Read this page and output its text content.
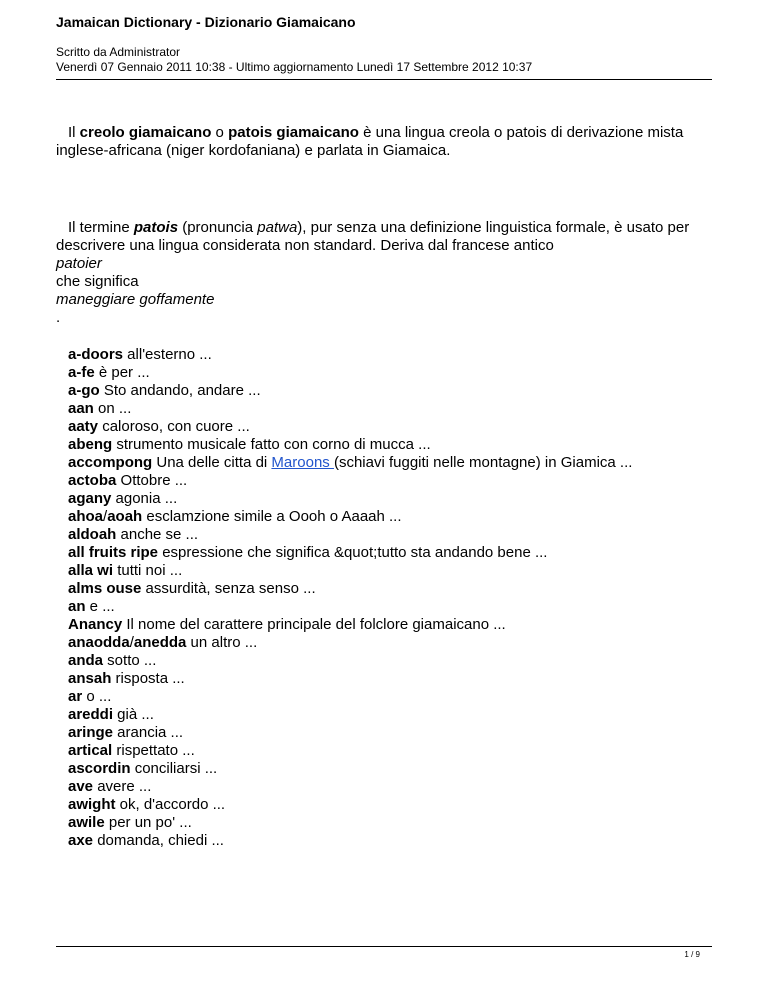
Jamaican Dictionary - Dizionario Giamaicano
Scritto da Administrator
Venerdì 07 Gennaio 2011 10:38 - Ultimo aggiornamento Lunedì 17 Settembre 2012 10:37
Il creolo giamaicano o patois giamaicano è una lingua creola o patois di derivazione mista inglese-africana (niger kordofaniana) e parlata in Giamaica.
Il termine patois (pronuncia patwa), pur senza una definizione linguistica formale, è usato per descrivere una lingua considerata non standard. Deriva dal francese antico
patoier
che significa
maneggiare goffamente
.
a-doors all'esterno ...
a-fe è per ...
a-go Sto andando, andare ...
aan on ...
aaty caloroso, con cuore ...
abeng strumento musicale fatto con corno di mucca ...
accompong Una delle citta di Maroons (schiavi fuggiti nelle montagne) in Giamica ...
actoba Ottobre ...
agany agonia ...
ahoa/aoah esclamzione simile a Oooh o Aaaah ...
aldoah anche se ...
all fruits ripe espressione che significa &quot;tutto sta andando bene ...
alla wi tutti noi ...
alms ouse assurdità, senza senso ...
an e ...
Anancy Il nome del carattere principale del folclore giamaicano ...
anaodda/anedda un altro ...
anda sotto ...
ansah risposta ...
ar o ...
areddi già ...
aringe arancia ...
artical rispettato ...
ascordin conciliarsi ...
ave avere ...
awight ok, d'accordo ...
awile per un po' ...
axe domanda, chiedi ...
1 / 9
